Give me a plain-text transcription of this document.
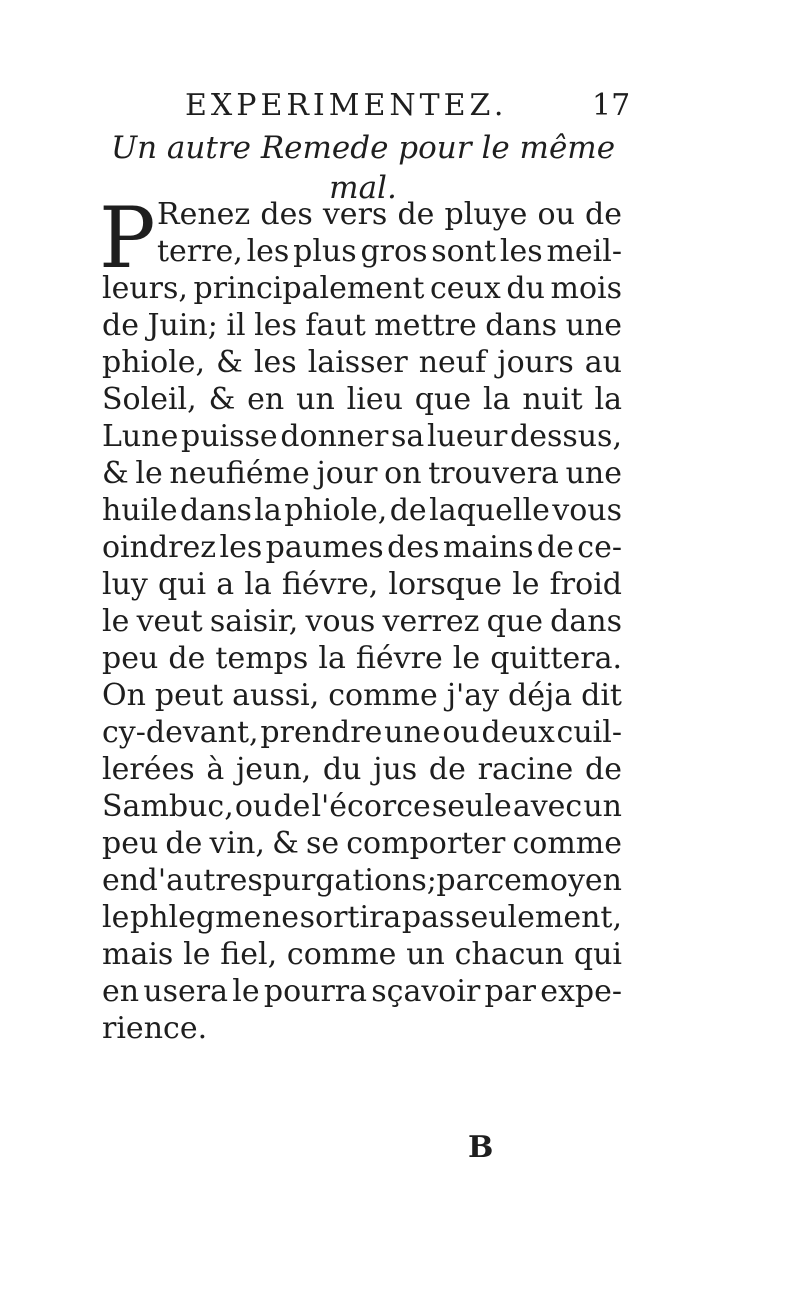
EXPERIMENTEZ.	17
Un autre Remede pour le même
mal.
P Renez des vers de pluye ou de
terre, les plus gros sont les meil-
leurs, principalement ceux du mois
de Juin; il les faut mettre dans une
phiole, & les laisser neuf jours au
Soleil, & en un lieu que la nuit la
Lune puisse donner sa lueur dessus,
& le neufiéme jour on trouvera une
huile dans la phiole, de laquelle vous
oindrez les paumes des mains de ce-
luy qui a la fiévre, lorsque le froid
le veut saisir, vous verrez que dans
peu de temps la fiévre le quittera.
On peut aussi, comme j'ay déja dit
cy-devant, prendre une ou deux cuil-
lerées à jeun, du jus de racine de
Sambuc, ou de l'écorce seule avec un
peu de vin, & se comporter comme
en d'autres purgations; par ce moyen
le phlegme ne sortira pas seulement,
mais le fiel, comme un chacun qui
en usera le pourra sçavoir par expe-
rience.
B
